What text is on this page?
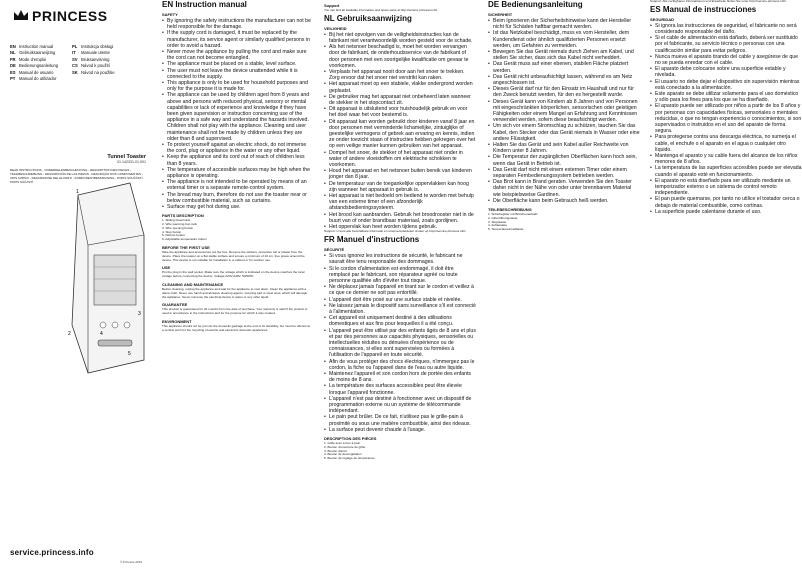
PRINCESS
EN Instruction manual	PL Instrukcja obsługi
NL Gebruiksaanwijzing	IT Manuale utente
FR Mode d'emploi	SV Bruksanvisning
DE Bedienungsanleitung	CS Návod k použití
ES Manual de usuario	SK Návod na použitie
PT Manual do utilizador
Tunnel Toaster
01.142331.01.001
READ INSTRUCTIONS - ONDERDELENBESCHRIJVING - DESCRIPTION DES PIECES - TEILEBESCHREIBUNG - DESCRIPCIÓN DE LAS PIEZAS - DESCRIÇÃO DOS COMPONENTES - OPIS CZĘŚCI - DESCRIZIONE DELLE PARTI - KOMPONENTBESKRIVNING - POPIS SOUČÁSTÍ - POPIS SÚČASTÍ
1
3
4
5
2
service.princess.info
© Princess 2015
EN Instruction manual
SAFETY
• By ignoring the safety instructions the manufacturer can not be held responsible for the damage.
• If the supply cord is damaged, it must be replaced by the manufacturer, its service agent or similarly qualified persons in order to avoid a hazard.
• Never move the appliance by pulling the cord and make sure the cord can not become entangled.
• The appliance must be placed on a stable, level surface.
• The user must not leave the device unattended while it is connected to the supply.
• This appliance is only to be used for household purposes and only for the purpose it is made for.
• The appliance can be used by children aged from 8 years and above and persons with reduced physical, sensory or mental capabilities or lack of experience and knowledge if they have been given supervision or instruction concerning use of the appliance in a safe way and understand the hazards involved. Children shall not play with the appliance. Cleaning and user maintenance shall not be made by children unless they are older than 8 and supervised.
• To protect yourself against an electric shock, do not immerse the cord, plug or appliance in the water or any other liquid.
• Keep the appliance and its cord out of reach of children less than 8 years.
• The temperature of accessible surfaces may be high when the appliance is operating.
• The appliance is not intended to be operated by means of an external timer or a separate remote-control system.
• The bread may burn, therefore do not use the toaster near or below combustible material, such as curtains.
• Surface may get hot during use.
PARTS DESCRIPTION
1. Sliding bread rack
2. Wire warming bun rack
3. Wire opening button
4. Stop button
5. Defrost button
6. Adjustable temperature button
BEFORE THE FIRST USE

Take the appliance and accessories out the box. Remove the stickers, protective foil or plastic from the device. Place the toaster on a flat stable surface and ensure a minimum of 10 cm. free space around the device. This device is not suitable for installation in a cabinet or for outdoor use.

USE

Put the plug in the wall socket. Make sure the voltage which is indicated on the device matches the local voltage before connecting the device. Voltage 220V-240V, 50/60Hz.

CLEANING AND MAINTENANCE

Before cleaning, unplug the appliance and wait for the appliance to cool down. Clean the appliance with a damp cloth. Never use harsh and abrasive cleaning agents, scouring pad or steel wool, which will damage the appliance. Never immerse the electrical device in water or any other liquid.

GUARANTEE

This product is guaranteed for 24 months from the date of purchase. Your warranty is valid if the product is used in accordance to the instructions and for the purpose for which it was created.

ENVIRONMENT

This appliance should not be put into the domestic garbage at the end of its durability, but must be offered at a central point for the recycling of electric and electronic domestic appliances.

Support

You can find all available information and spare parts at http://service.princess.info!

NL Gebruiksaanwijzing
VEILIGHEID
• Bij het niet opvolgen van de veiligheidsinstructies kan de fabrikant niet verantwoordelijk worden gesteld voor de schade.
• Als het netsnoer beschadigd is, moet het worden vervangen door de fabrikant, de onderhoudsservice van de fabrikant of door personen met een soortgelijke kwalificatie om gevaar te voorkomen.
• Verplaats het apparaat nooit door aan het snoer te trekken. Zorg ervoor dat het snoer niet verstrikt kan raken.
• Het apparaat moet op een stabiele, vlakke ondergrond worden geplaatst.
• De gebruiker mag het apparaat niet onbeheerd laten wanneer de stekker in het stopcontact zit.
• Dit apparaat is uitsluitend voor huishoudelijk gebruik en voor het doel waar het voor bestemd is.
• Dit apparaat kan worden gebruikt door kinderen vanaf 8 jaar en door personen met verminderde lichamelijke, zintuiglijke of geestelijke vermogens of gebrek aan ervaring en kennis, indien ze onder toezicht staan of instructies hebben gekregen over het op een veilige manier kunnen gebruiken van het apparaat.
• Dompel het snoer, de stekker of het apparaat niet onder in water of andere vloeistoffen om elektrische schokken te voorkomen.
• Houd het apparaat en het netsnoer buiten bereik van kinderen jonger dan 8 jaar.
• De temperatuur van de toegankelijke oppervlakken kan hoog zijn wanneer het apparaat in gebruik is.
• Het apparaat is niet bedoeld om bediend te worden met behulp van een externe timer of een afzonderlijk afstandsbedieningssysteem.
• Het brood kan aanbranden. Gebruik het broodrooster niet in de buurt van of onder brandbaar materiaal, zoals gordijnen.
• Het oppervlak kan heet worden tijdens gebruik.

Support: U kunt alle beschikbare informatie en reserveonderdelen vinden op http://service.princess.info!

FR Manuel d'instructions
SÉCURITÉ
• Si vous ignorez les instructions de sécurité, le fabricant ne saurait être tenu responsable des dommages.
• Si le cordon d'alimentation est endommagé, il doit être remplacé par le fabricant, son réparateur agréé ou toute personne qualifiée afin d'éviter tout risque.
• Ne déplacez jamais l'appareil en tirant sur le cordon et veillez à ce que ce dernier ne soit pas entortillé.
• L'appareil doit être posé sur une surface stable et nivelée.
• Ne laissez jamais le dispositif sans surveillance s'il est connecté à l'alimentation.
• Cet appareil est uniquement destiné à des utilisations domestiques et aux fins pour lesquelles il a été conçu.
• L'appareil peut être utilisé par des enfants âgés de 8 ans et plus et par des personnes aux capacités physiques, sensorielles ou intellectuelles réduites ou dénuées d'expérience ou de connaissances, si elles sont supervisées ou formées à l'utilisation de l'appareil en toute sécurité.
• Afin de vous protéger des chocs électriques, n'immergez pas le cordon, la fiche ou l'appareil dans de l'eau ou autre liquide.
• Maintenez l'appareil et son cordon hors de portée des enfants de moins de 8 ans.
• La température des surfaces accessibles peut être élevée lorsque l'appareil fonctionne.
• L'appareil n'est pas destiné à fonctionner avec un dispositif de programmation externe ou un système de télécommande indépendant.
• Le pain peut brûler. De ce fait, n'utilisez pas le grille-pain à proximité ou sous une matière combustible, ainsi des rideaux.
• La surface peut devenir chaude à l'usage.
DESCRIPTION DES PIÈCES
1. Grille avec à tirer à pain
2. Bouton d'ouverture de grille
3. Bouton d'arrêt
4. Bouton de décongélation
5. Bouton de réglage de température
DE Bedienungsanleitung
SICHERHEIT
• Beim Ignorieren der Sicherheitshinweise kann der Hersteller nicht für Schäden haftbar gemacht werden.
• Ist das Netzkabel beschädigt, muss es vom Hersteller, dem Kundendienst oder ähnlich qualifizierten Personen ersetzt werden, um Gefahren zu vermeiden.
• Bewegen Sie das Gerät niemals durch Ziehen am Kabel, und stellen Sie sicher, dass sich das Kabel nicht verheddert.
• Das Gerät muss auf einer ebenen, stabilen Fläche platziert werden.
• Das Gerät nicht unbeaufsichtigt lassen, während es am Netz angeschlossen ist.
• Dieses Gerät darf nur für den Einsatz im Haushalt und nur für den Zweck benutzt werden, für den es hergestellt wurde.
• Dieses Gerät kann von Kindern ab 8 Jahren und von Personen mit eingeschränkten körperlichen, sensorischen oder geistigen Fähigkeiten oder einem Mangel an Erfahrung und Kenntnissen verwendet werden, sofern diese beaufsichtigt werden.
• Um sich vor einem Stromschlag zu schützen, tauchen Sie das Kabel, den Stecker oder das Gerät niemals in Wasser oder eine andere Flüssigkeit.
• Halten Sie das Gerät und sein Kabel außer Reichweite von Kindern unter 8 Jahren.
• Die Temperatur der zugänglichen Oberflächen kann hoch sein, wenn das Gerät in Betrieb ist.
• Das Gerät darf nicht mit einem externen Timer oder einem separaten Fernbedienungssystem betrieben werden.
• Das Brot kann in Brand geraten. Verwenden Sie den Toaster daher nicht in der Nähe von oder unter brennbarem Material wie beispielsweise Gardinen.
• Die Oberfläche kann beim Gebrauch heiß werden.
TEILEBESCHREIBUNG
1. Schiebegitter mit Brötchenaufsatz
2. Gitteröffnungstaste
3. Stopptaste
4. Auftautaste
5. Temperatureinstelltaste

Support: Alle verfügbaren Informationen und Ersatzteile finden Sie unter http://service.princess.info!

ES Manual de instrucciones
SEGURIDAD
• Si ignora las instrucciones de seguridad, el fabricante no será considerado responsable del daño.
• Si el cable de alimentación está dañado, deberá ser sustituido por el fabricante, su servicio técnico o personas con una cualificación similar para evitar peligros.
• Nunca mueva el aparato tirando del cable y asegúrese de que no se pueda enredar con el cable.
• El aparato debe colocarse sobre una superficie estable y nivelada.
• El usuario no debe dejar el dispositivo sin supervisión mientras está conectado a la alimentación.
• Este aparato se debe utilizar solamente para el uso doméstico y sólo para los fines para los que se ha diseñado.
• El aparato puede ser utilizado por niños a partir de los 8 años y por personas con capacidades físicas, sensoriales o mentales reducidas, o que no tengan experiencia o conocimientos, si son supervisados o instruidos en el uso del aparato de forma segura.
• Para protegerse contra una descarga eléctrica, no sumerja el cable, el enchufe o el aparato en el agua o cualquier otro líquido.
• Mantenga el aparato y su cable fuera del alcance de los niños menores de 8 años.
• La temperatura de las superficies accesibles puede ser elevada cuando el aparato esté en funcionamiento.
• El aparato no está diseñado para ser utilizado mediante un temporizador externo o un sistema de control remoto independiente.
• El pan puede quemarse, por tanto no utilice el tostador cerca o debajo de material combustible, como cortinas.
• La superficie puede calentarse durante el uso.
